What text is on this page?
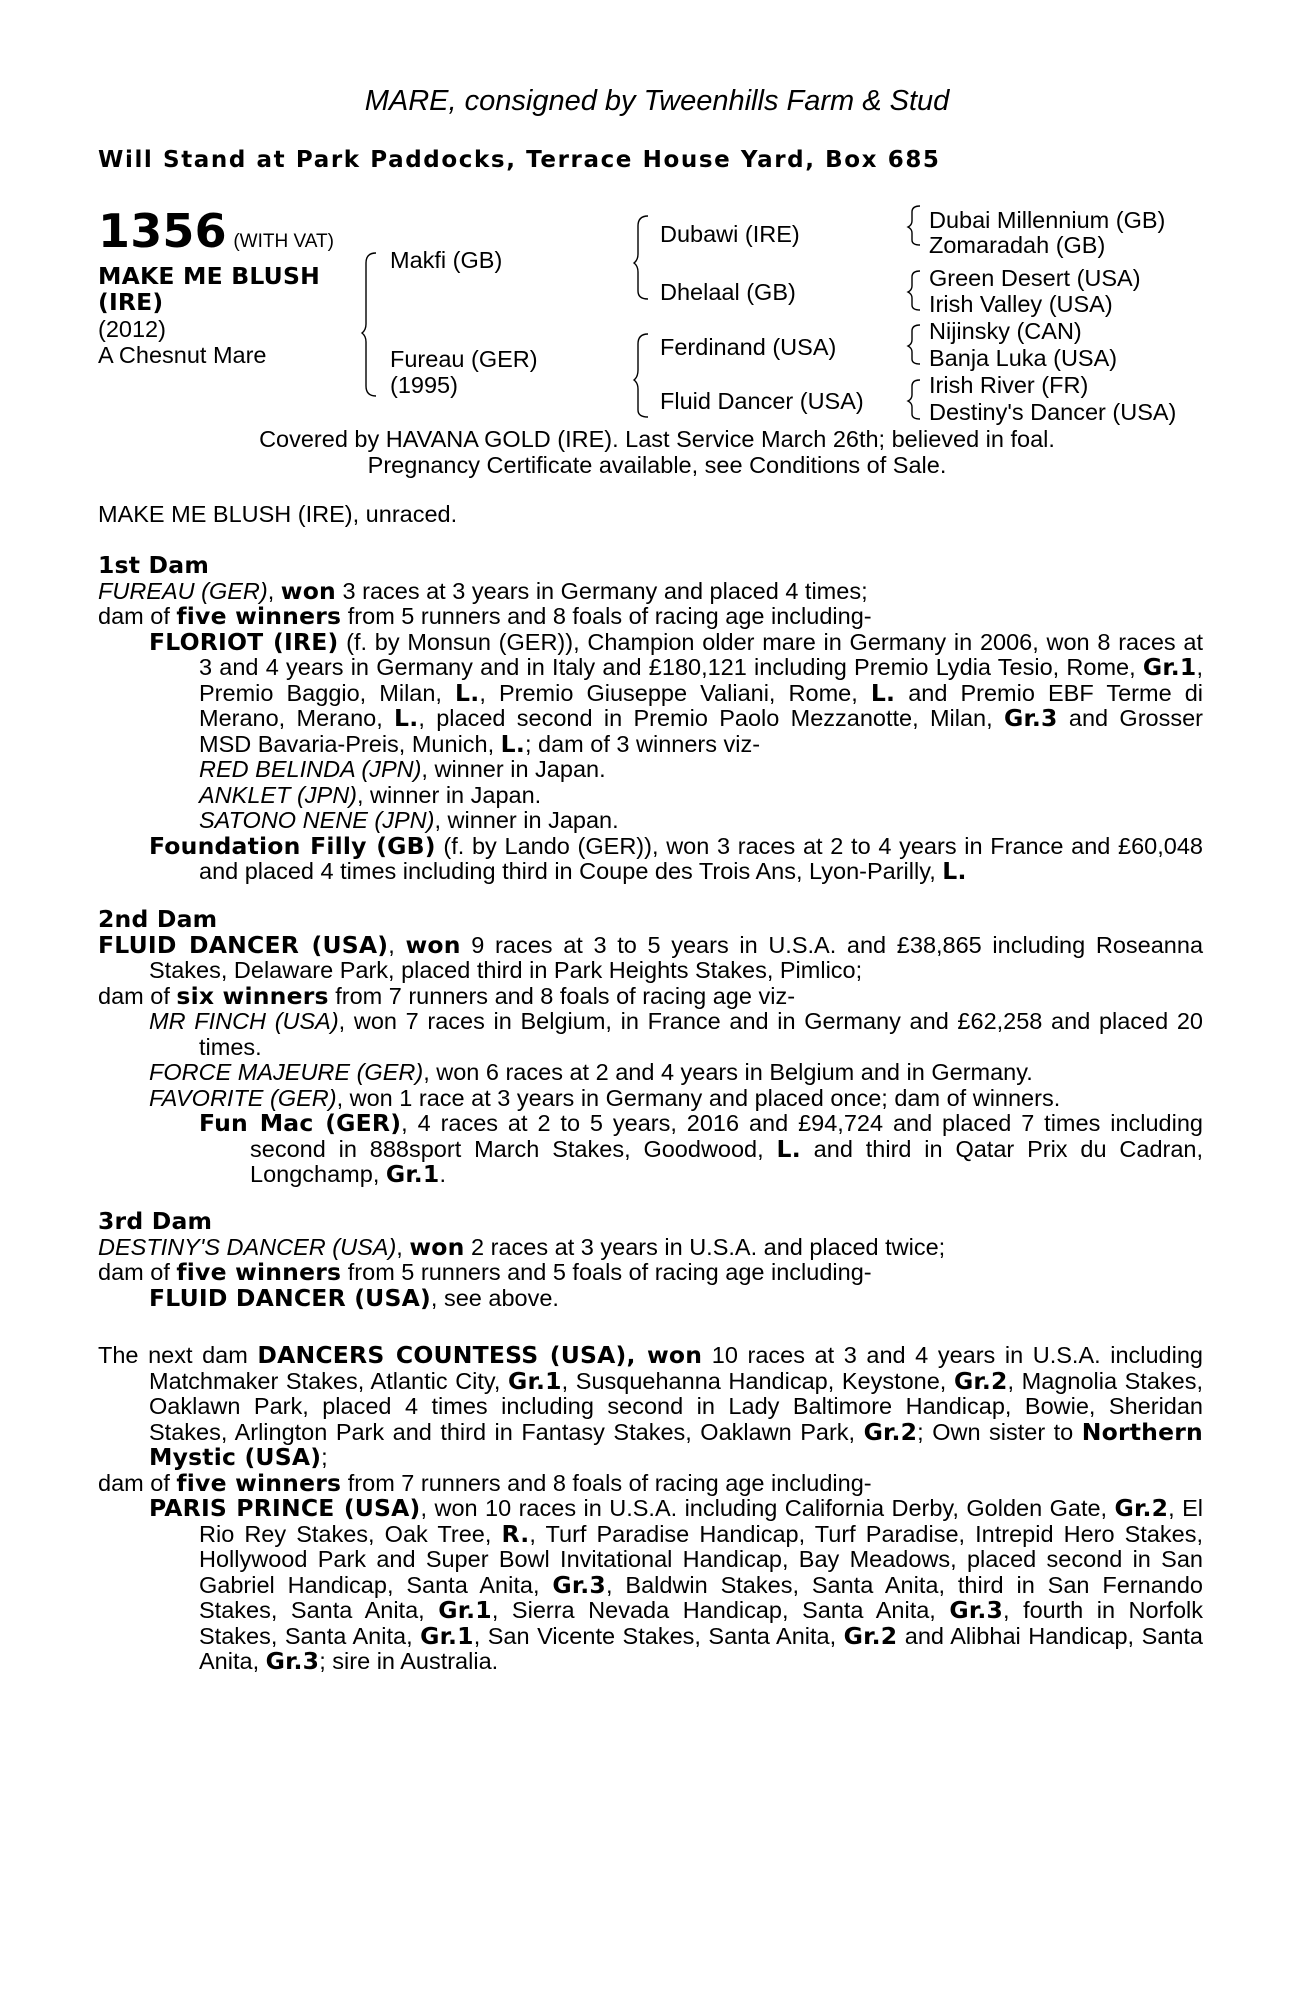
MARE, consigned by Tweenhills Farm & Stud
Will Stand at Park Paddocks, Terrace House Yard, Box 685
1356 (WITH VAT)
MAKE ME BLUSH
(IRE)
(2012)
A Chesnut Mare
Makfi (GB)
Fureau (GER)
(1995)
Dubawi (IRE)
Dhelaal (GB)
Ferdinand (USA)
Fluid Dancer (USA)
Dubai Millennium (GB)
Zomaradah (GB)
Green Desert (USA)
Irish Valley (USA)
Nijinsky (CAN)
Banja Luka (USA)
Irish River (FR)
Destiny's Dancer (USA)
Covered by HAVANA GOLD (IRE). Last Service March 26th; believed in foal.
Pregnancy Certificate available, see Conditions of Sale.
MAKE ME BLUSH (IRE), unraced.

1st Dam

FUREAU (GER), won 3 races at 3 years in Germany and placed 4 times;

dam of five winners from 5 runners and 8 foals of racing age including-

FLORIOT (IRE) (f. by Monsun (GER)), Champion older mare in Germany in 2006, won 8 races at 3 and 4 years in Germany and in Italy and £180,121 including Premio Lydia Tesio, Rome, Gr.1, Premio Baggio, Milan, L., Premio Giuseppe Valiani, Rome, L. and Premio EBF Terme di Merano, Merano, L., placed second in Premio Paolo Mezzanotte, Milan, Gr.3 and Grosser MSD Bavaria-Preis, Munich, L.; dam of 3 winners viz-

RED BELINDA (JPN), winner in Japan.

ANKLET (JPN), winner in Japan.

SATONO NENE (JPN), winner in Japan.

Foundation Filly (GB) (f. by Lando (GER)), won 3 races at 2 to 4 years in France and £60,048 and placed 4 times including third in Coupe des Trois Ans, Lyon-Parilly, L.

2nd Dam

FLUID DANCER (USA), won 9 races at 3 to 5 years in U.S.A. and £38,865 including Roseanna Stakes, Delaware Park, placed third in Park Heights Stakes, Pimlico;

dam of six winners from 7 runners and 8 foals of racing age viz-

MR FINCH (USA), won 7 races in Belgium, in France and in Germany and £62,258 and placed 20 times.

FORCE MAJEURE (GER), won 6 races at 2 and 4 years in Belgium and in Germany.

FAVORITE (GER), won 1 race at 3 years in Germany and placed once; dam of winners.

Fun Mac (GER), 4 races at 2 to 5 years, 2016 and £94,724 and placed 7 times including second in 888sport March Stakes, Goodwood, L. and third in Qatar Prix du Cadran, Longchamp, Gr.1.

3rd Dam

DESTINY'S DANCER (USA), won 2 races at 3 years in U.S.A. and placed twice;

dam of five winners from 5 runners and 5 foals of racing age including-

FLUID DANCER (USA), see above.

The next dam DANCERS COUNTESS (USA), won 10 races at 3 and 4 years in U.S.A. including Matchmaker Stakes, Atlantic City, Gr.1, Susquehanna Handicap, Keystone, Gr.2, Magnolia Stakes, Oaklawn Park, placed 4 times including second in Lady Baltimore Handicap, Bowie, Sheridan Stakes, Arlington Park and third in Fantasy Stakes, Oaklawn Park, Gr.2; Own sister to Northern Mystic (USA);

dam of five winners from 7 runners and 8 foals of racing age including-

PARIS PRINCE (USA), won 10 races in U.S.A. including California Derby, Golden Gate, Gr.2, El Rio Rey Stakes, Oak Tree, R., Turf Paradise Handicap, Turf Paradise, Intrepid Hero Stakes, Hollywood Park and Super Bowl Invitational Handicap, Bay Meadows, placed second in San Gabriel Handicap, Santa Anita, Gr.3, Baldwin Stakes, Santa Anita, third in San Fernando Stakes, Santa Anita, Gr.1, Sierra Nevada Handicap, Santa Anita, Gr.3, fourth in Norfolk Stakes, Santa Anita, Gr.1, San Vicente Stakes, Santa Anita, Gr.2 and Alibhai Handicap, Santa Anita, Gr.3; sire in Australia.
